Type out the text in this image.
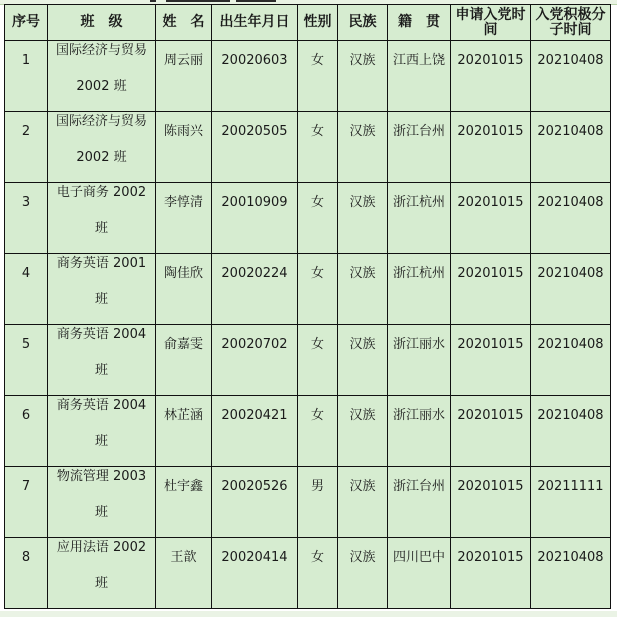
序号	班　级	姓　名	出生年月日	性别	民族	籍　贯	申请入党时间	入党积极分子时间

1	国际经济与贸易2002 班	周云丽	20020603	女	汉族	江西上饶	20201015	20210408

2	国际经济与贸易2002 班	陈雨兴	20020505	女	汉族	浙江台州	20201015	20210408

3	电子商务 2002班	李惇清	20010909	女	汉族	浙江杭州	20201015	20210408

4	商务英语 2001班	陶佳欣	20020224	女	汉族	浙江杭州	20201015	20210408

5	商务英语 2004班	俞嘉雯	20020702	女	汉族	浙江丽水	20201015	20210408

6	商务英语 2004班	林芷涵	20020421	女	汉族	浙江丽水	20201015	20210408

7	物流管理 2003班	杜宇鑫	20020526	男	汉族	浙江台州	20201015	20211111

8	应用法语 2002班	王歆	20020414	女	汉族	四川巴中	20201015	20210408
